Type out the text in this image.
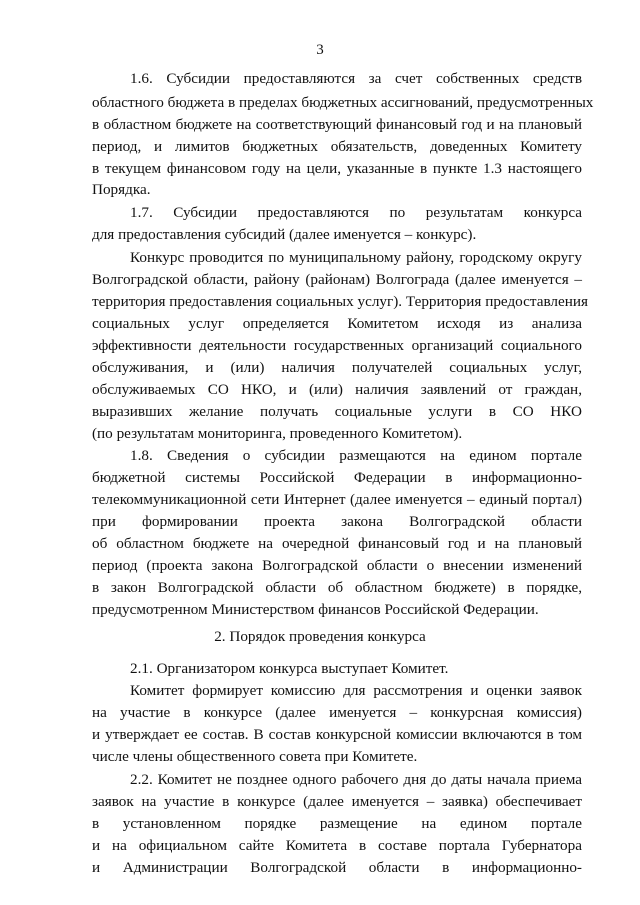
3
1.6. Субсидии предоставляются за счет собственных средств
областного бюджета в пределах бюджетных ассигнований, предусмотренных
в областном бюджете на соответствующий финансовый год и на плановый
период, и лимитов бюджетных обязательств, доведенных Комитету
в текущем финансовом году на цели, указанные в пункте 1.3 настоящего
Порядка.
1.7. Субсидии предоставляются по результатам конкурса
для предоставления субсидий (далее именуется – конкурс).
Конкурс проводится по муниципальному району, городскому округу
Волгоградской области, району (районам) Волгограда (далее именуется –
территория предоставления социальных услуг). Территория предоставления
социальных услуг определяется Комитетом исходя из анализа
эффективности деятельности государственных организаций социального
обслуживания, и (или) наличия получателей социальных услуг,
обслуживаемых СО НКО, и (или) наличия заявлений от граждан,
выразивших желание получать социальные услуги в СО НКО
(по результатам мониторинга, проведенного Комитетом).
1.8. Сведения о субсидии размещаются на едином портале
бюджетной системы Российской Федерации в информационно-
телекоммуникационной сети Интернет (далее именуется – единый портал)
при формировании проекта закона Волгоградской области
об областном бюджете на очередной финансовый год и на плановый
период (проекта закона Волгоградской области о внесении изменений
в закон Волгоградской области об областном бюджете) в порядке,
предусмотренном Министерством финансов Российской Федерации.
2. Порядок проведения конкурса
2.1. Организатором конкурса выступает Комитет.
Комитет формирует комиссию для рассмотрения и оценки заявок
на участие в конкурсе (далее именуется – конкурсная комиссия)
и утверждает ее состав. В состав конкурсной комиссии включаются в том
числе члены общественного совета при Комитете.
2.2. Комитет не позднее одного рабочего дня до даты начала приема
заявок на участие в конкурсе (далее именуется – заявка) обеспечивает
в установленном порядке размещение на едином портале
и на официальном сайте Комитета в составе портала Губернатора
и Администрации Волгоградской области в информационно-
